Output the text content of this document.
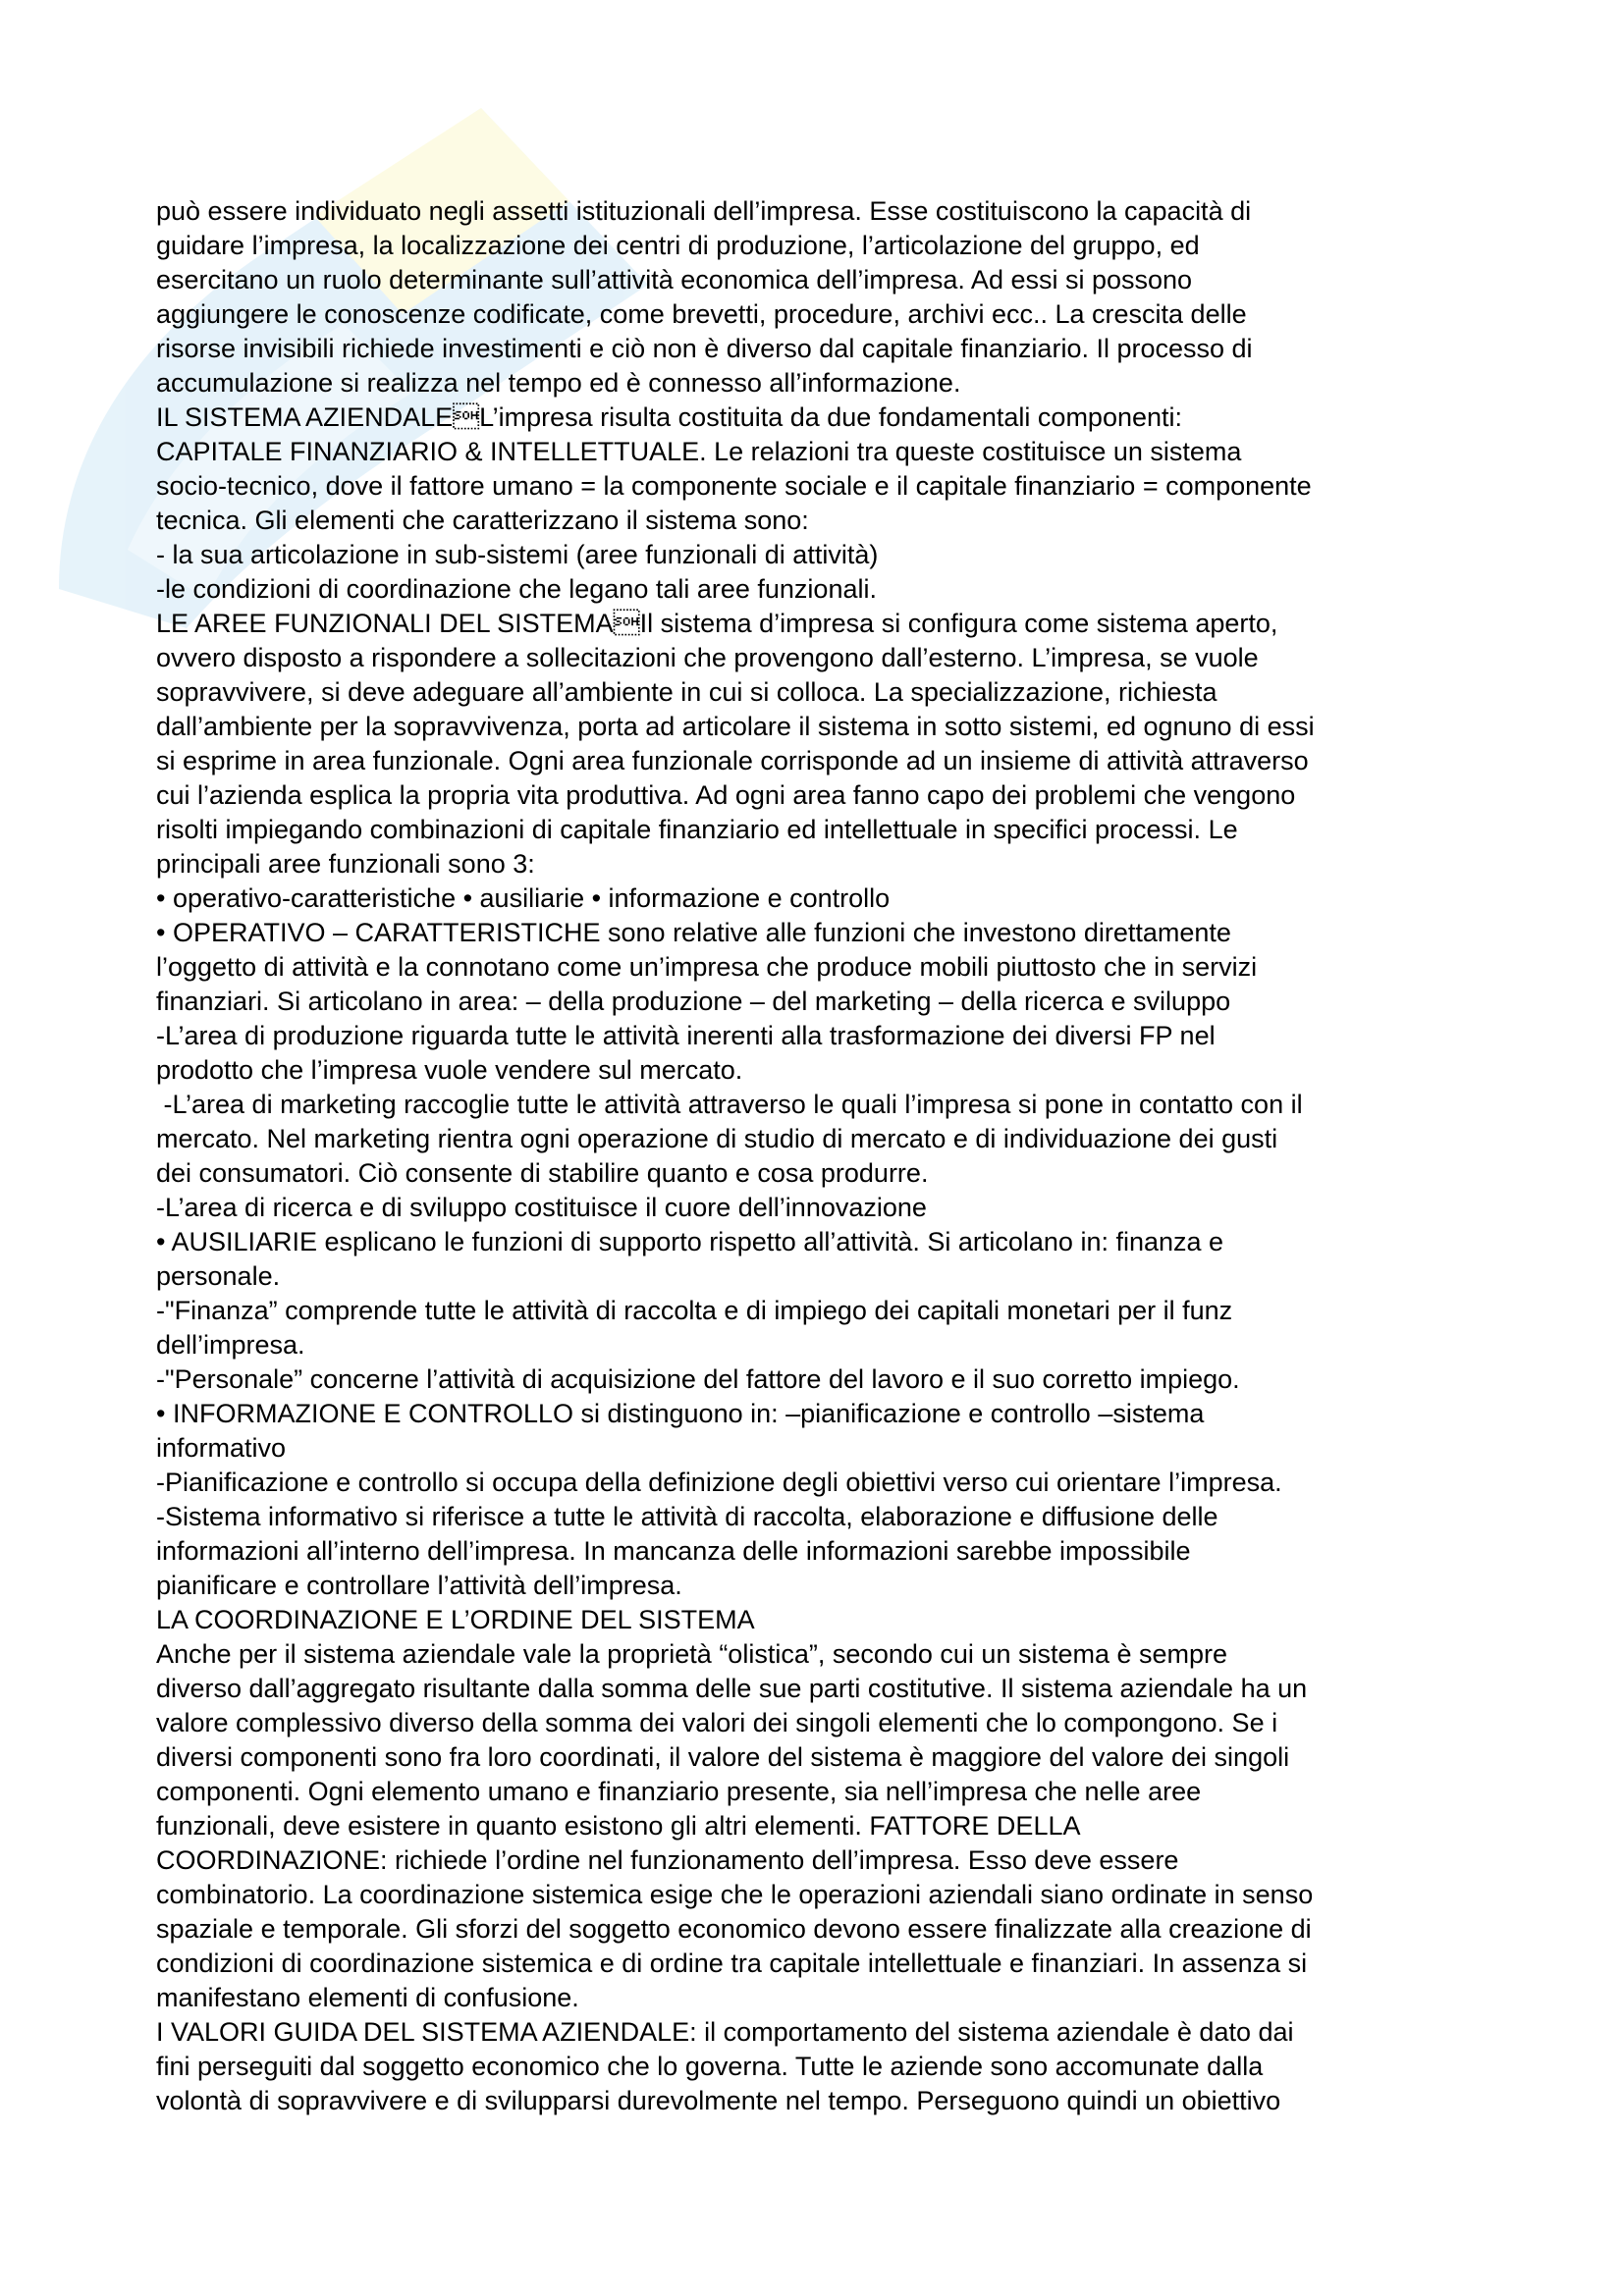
può essere individuato negli assetti istituzionali dell’impresa. Esse costituiscono la capacità di
guidare l’impresa, la localizzazione dei centri di produzione, l’articolazione del gruppo, ed
esercitano un ruolo determinante sull’attività economica dell’impresa. Ad essi si possono
aggiungere le conoscenze codificate, come brevetti, procedure, archivi ecc.. La crescita delle
risorse invisibili richiede investimenti e ciò non è diverso dal capitale finanziario. Il processo di
accumulazione si realizza nel tempo ed è connesso all’informazione.
IL SISTEMA AZIENDALEL’impresa risulta costituita da due fondamentali componenti:
CAPITALE FINANZIARIO & INTELLETTUALE. Le relazioni tra queste costituisce un sistema
socio-tecnico, dove il fattore umano = la componente sociale e il capitale finanziario = componente
tecnica. Gli elementi che caratterizzano il sistema sono:
- la sua articolazione in sub-sistemi (aree funzionali di attività)
-le condizioni di coordinazione che legano tali aree funzionali.
LE AREE FUNZIONALI DEL SISTEMAIl sistema d’impresa si configura come sistema aperto,
ovvero disposto a rispondere a sollecitazioni che provengono dall’esterno. L’impresa, se vuole
sopravvivere, si deve adeguare all’ambiente in cui si colloca. La specializzazione, richiesta
dall’ambiente per la sopravvivenza, porta ad articolare il sistema in sotto sistemi, ed ognuno di essi
si esprime in area funzionale. Ogni area funzionale corrisponde ad un insieme di attività attraverso
cui l’azienda esplica la propria vita produttiva. Ad ogni area fanno capo dei problemi che vengono
risolti impiegando combinazioni di capitale finanziario ed intellettuale in specifici processi. Le
principali aree funzionali sono 3:
• operativo-caratteristiche • ausiliarie • informazione e controllo
• OPERATIVO – CARATTERISTICHE sono relative alle funzioni che investono direttamente
l’oggetto di attività e la connotano come un’impresa che produce mobili piuttosto che in servizi
finanziari. Si articolano in area: – della produzione – del marketing – della ricerca e sviluppo
-L’area di produzione riguarda tutte le attività inerenti alla trasformazione dei diversi FP nel
prodotto che l’impresa vuole vendere sul mercato.
-L’area di marketing raccoglie tutte le attività attraverso le quali l’impresa si pone in contatto con il
mercato. Nel marketing rientra ogni operazione di studio di mercato e di individuazione dei gusti
dei consumatori. Ciò consente di stabilire quanto e cosa produrre.
-L’area di ricerca e di sviluppo costituisce il cuore dell’innovazione
• AUSILIARIE esplicano le funzioni di supporto rispetto all’attività. Si articolano in: finanza e
personale.
-"Finanza” comprende tutte le attività di raccolta e di impiego dei capitali monetari per il funz
dell’impresa.
-"Personale” concerne l’attività di acquisizione del fattore del lavoro e il suo corretto impiego.
• INFORMAZIONE E CONTROLLO si distinguono in: –pianificazione e controllo –sistema
informativo
-Pianificazione e controllo si occupa della definizione degli obiettivi verso cui orientare l’impresa.
-Sistema informativo si riferisce a tutte le attività di raccolta, elaborazione e diffusione delle
informazioni all’interno dell’impresa. In mancanza delle informazioni sarebbe impossibile
pianificare e controllare l’attività dell’impresa.
LA COORDINAZIONE E L’ORDINE DEL SISTEMA
Anche per il sistema aziendale vale la proprietà “olistica”, secondo cui un sistema è sempre
diverso dall’aggregato risultante dalla somma delle sue parti costitutive. Il sistema aziendale ha un
valore complessivo diverso della somma dei valori dei singoli elementi che lo compongono. Se i
diversi componenti sono fra loro coordinati, il valore del sistema è maggiore del valore dei singoli
componenti. Ogni elemento umano e finanziario presente, sia nell’impresa che nelle aree
funzionali, deve esistere in quanto esistono gli altri elementi. FATTORE DELLA
COORDINAZIONE: richiede l’ordine nel funzionamento dell’impresa. Esso deve essere
combinatorio. La coordinazione sistemica esige che le operazioni aziendali siano ordinate in senso
spaziale e temporale. Gli sforzi del soggetto economico devono essere finalizzate alla creazione di
condizioni di coordinazione sistemica e di ordine tra capitale intellettuale e finanziari. In assenza si
manifestano elementi di confusione.
I VALORI GUIDA DEL SISTEMA AZIENDALE: il comportamento del sistema aziendale è dato dai
fini perseguiti dal soggetto economico che lo governa. Tutte le aziende sono accomunate dalla
volontà di sopravvivere e di svilupparsi durevolmente nel tempo. Perseguono quindi un obiettivo
